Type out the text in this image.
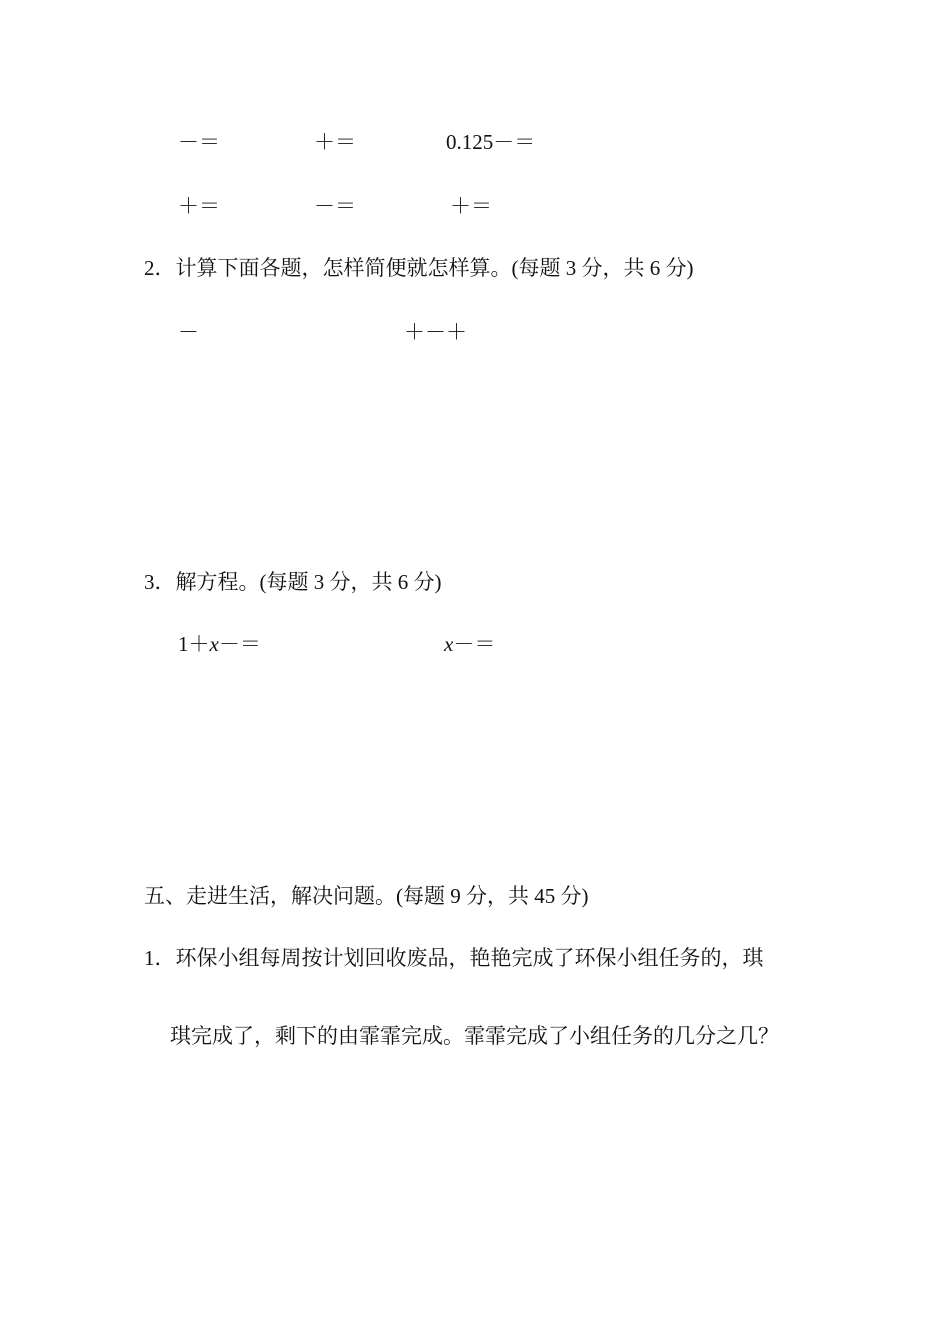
－＝	＋＝	0.125－＝
＋＝	－＝	＋＝
2．计算下面各题，怎样简便就怎样算。(每题 3 分，共 6 分)
－	＋－＋
3．解方程。(每题 3 分，共 6 分)
1＋x－＝	x－＝
五、走进生活，解决问题。(每题 9 分，共 45 分)
1．环保小组每周按计划回收废品，艳艳完成了环保小组任务的，琪
琪完成了，剩下的由霏霏完成。霏霏完成了小组任务的几分之几？
